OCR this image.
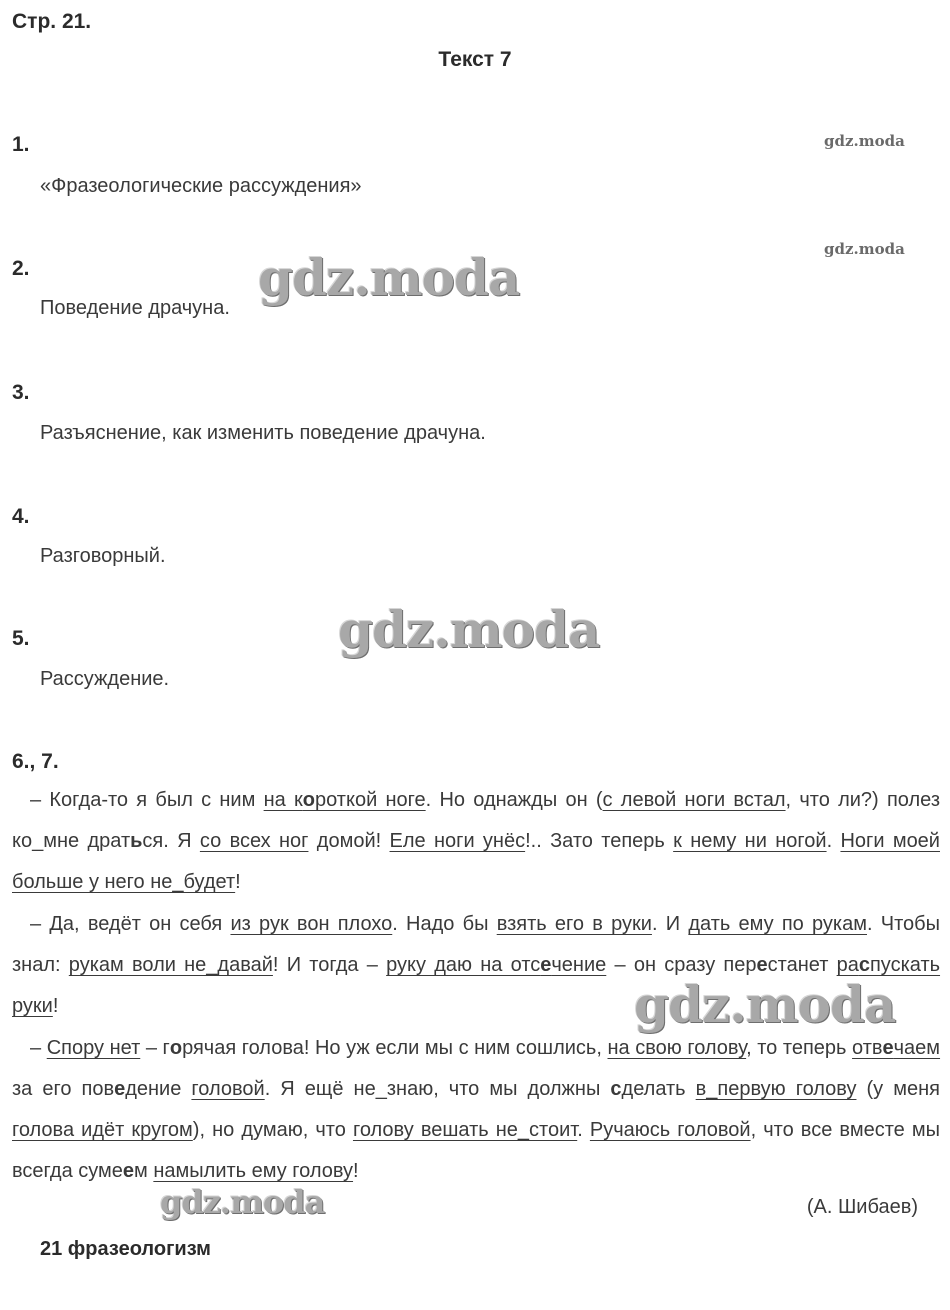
Стр. 21.
Текст 7
gdz.moda
gdz.moda
1.
«Фразеологические рассуждения»
2.
Поведение драчуна.
3.
Разъяснение, как изменить поведение драчуна.
4.
Разговорный.
5.
Рассуждение.
6., 7.
– Когда-то я был с ним на короткой ноге. Но однажды он (с левой ноги встал, что ли?) полез ко_мне драться. Я со всех ног домой! Еле ноги унёс!.. Зато теперь к нему ни ногой. Ноги моей больше у него не_будет!
– Да, ведёт он себя из рук вон плохо. Надо бы взять его в руки. И дать ему по рукам. Чтобы знал: рукам воли не_давай! И тогда – руку даю на отсечение – он сразу перестанет распускать руки!
– Спору нет – горячая голова! Но уж если мы с ним сошлись, на свою голову, то теперь отвечаем за его поведение головой. Я ещё не_знаю, что мы должны сделать в_первую голову (у меня голова идёт кругом), но думаю, что голову вешать не_стоит. Ручаюсь головой, что все вместе мы всегда сумеем намылить ему голову!
(А. Шибаев)
21 фразеологизм
gdz.moda
gdz.moda
gdz.moda
gdz.moda
